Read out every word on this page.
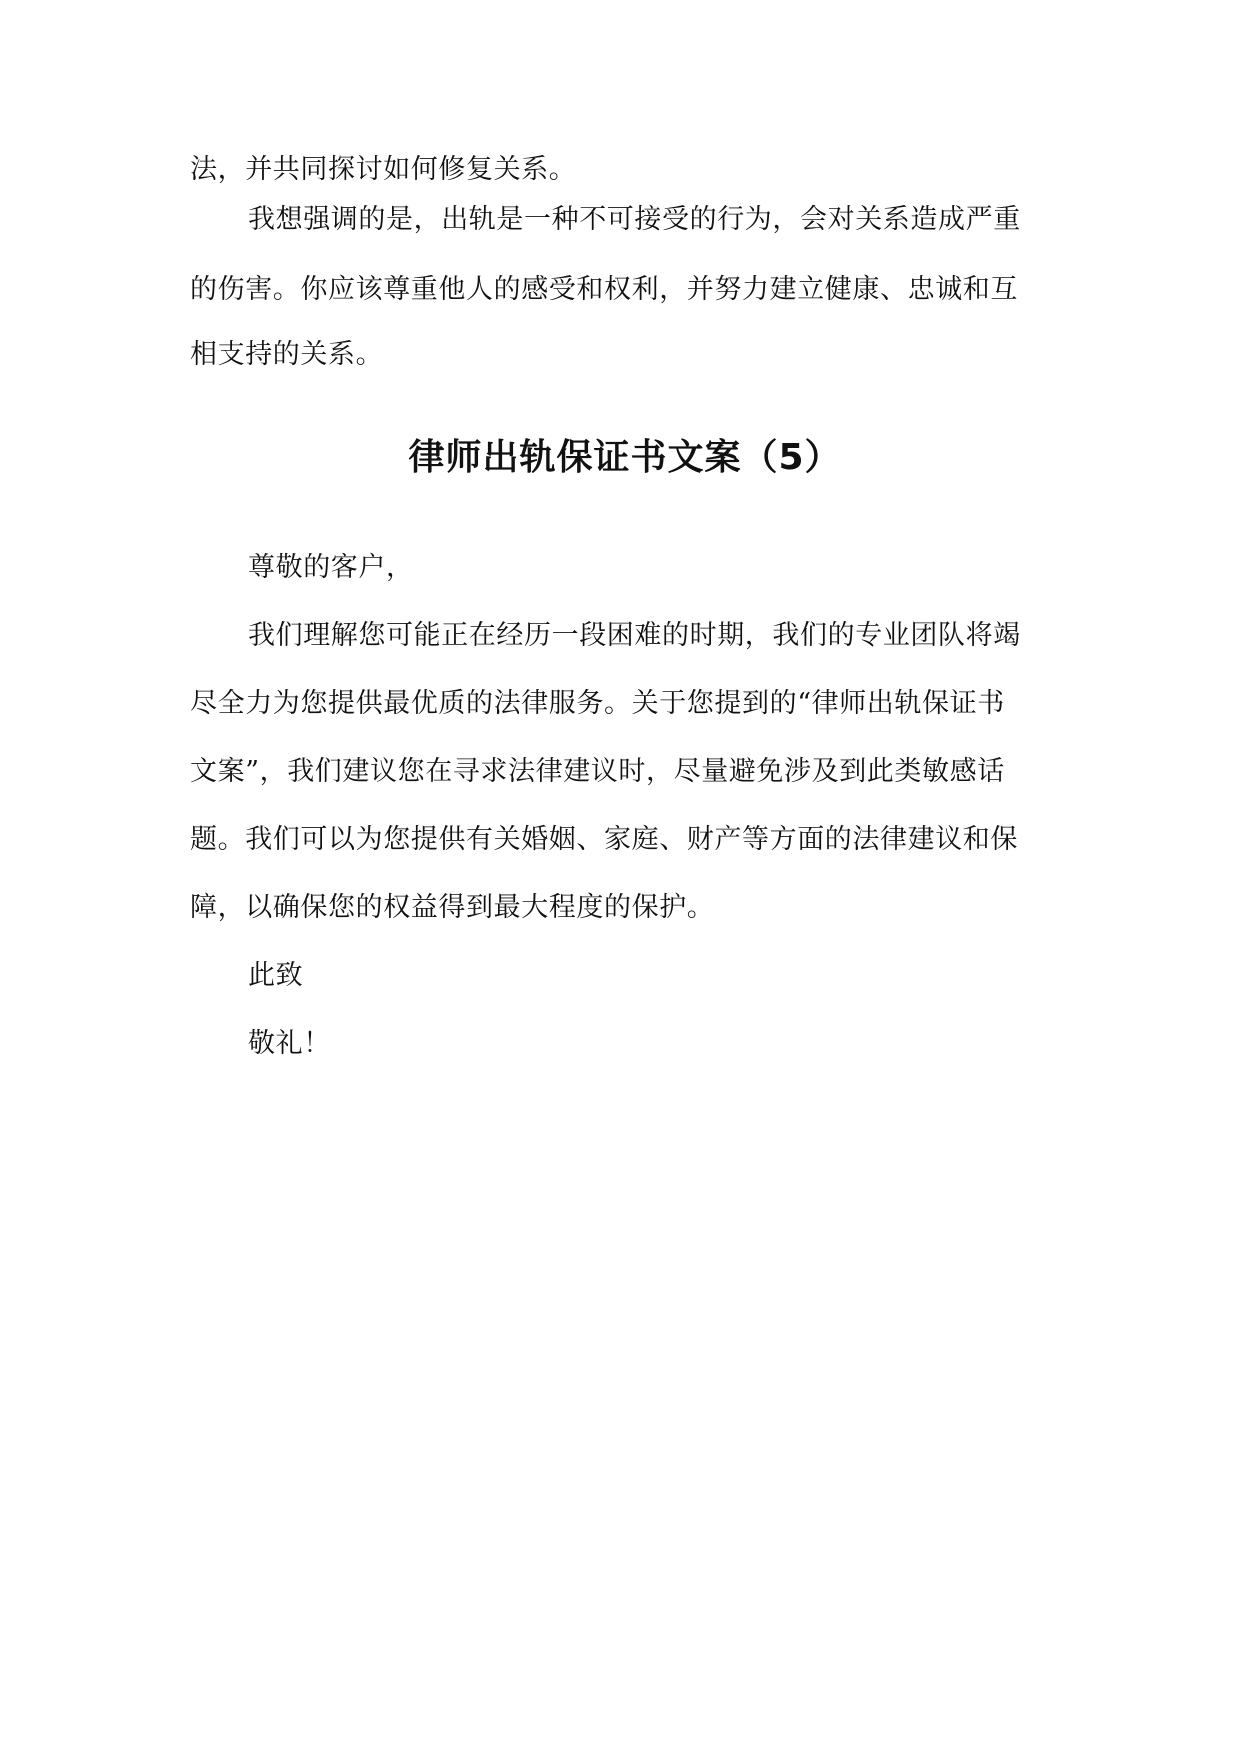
法，并共同探讨如何修复关系。

我想强调的是，出轨是一种不可接受的行为，会对关系造成严重

的伤害。你应该尊重他人的感受和权利，并努力建立健康、忠诚和互

相支持的关系。

律师出轨保证书文案（5）

尊敬的客户，

我们理解您可能正在经历一段困难的时期，我们的专业团队将竭

尽全力为您提供最优质的法律服务。关于您提到的“律师出轨保证书

文案”，我们建议您在寻求法律建议时，尽量避免涉及到此类敏感话

题。我们可以为您提供有关婚姻、家庭、财产等方面的法律建议和保

障，以确保您的权益得到最大程度的保护。

此致

敬礼！
